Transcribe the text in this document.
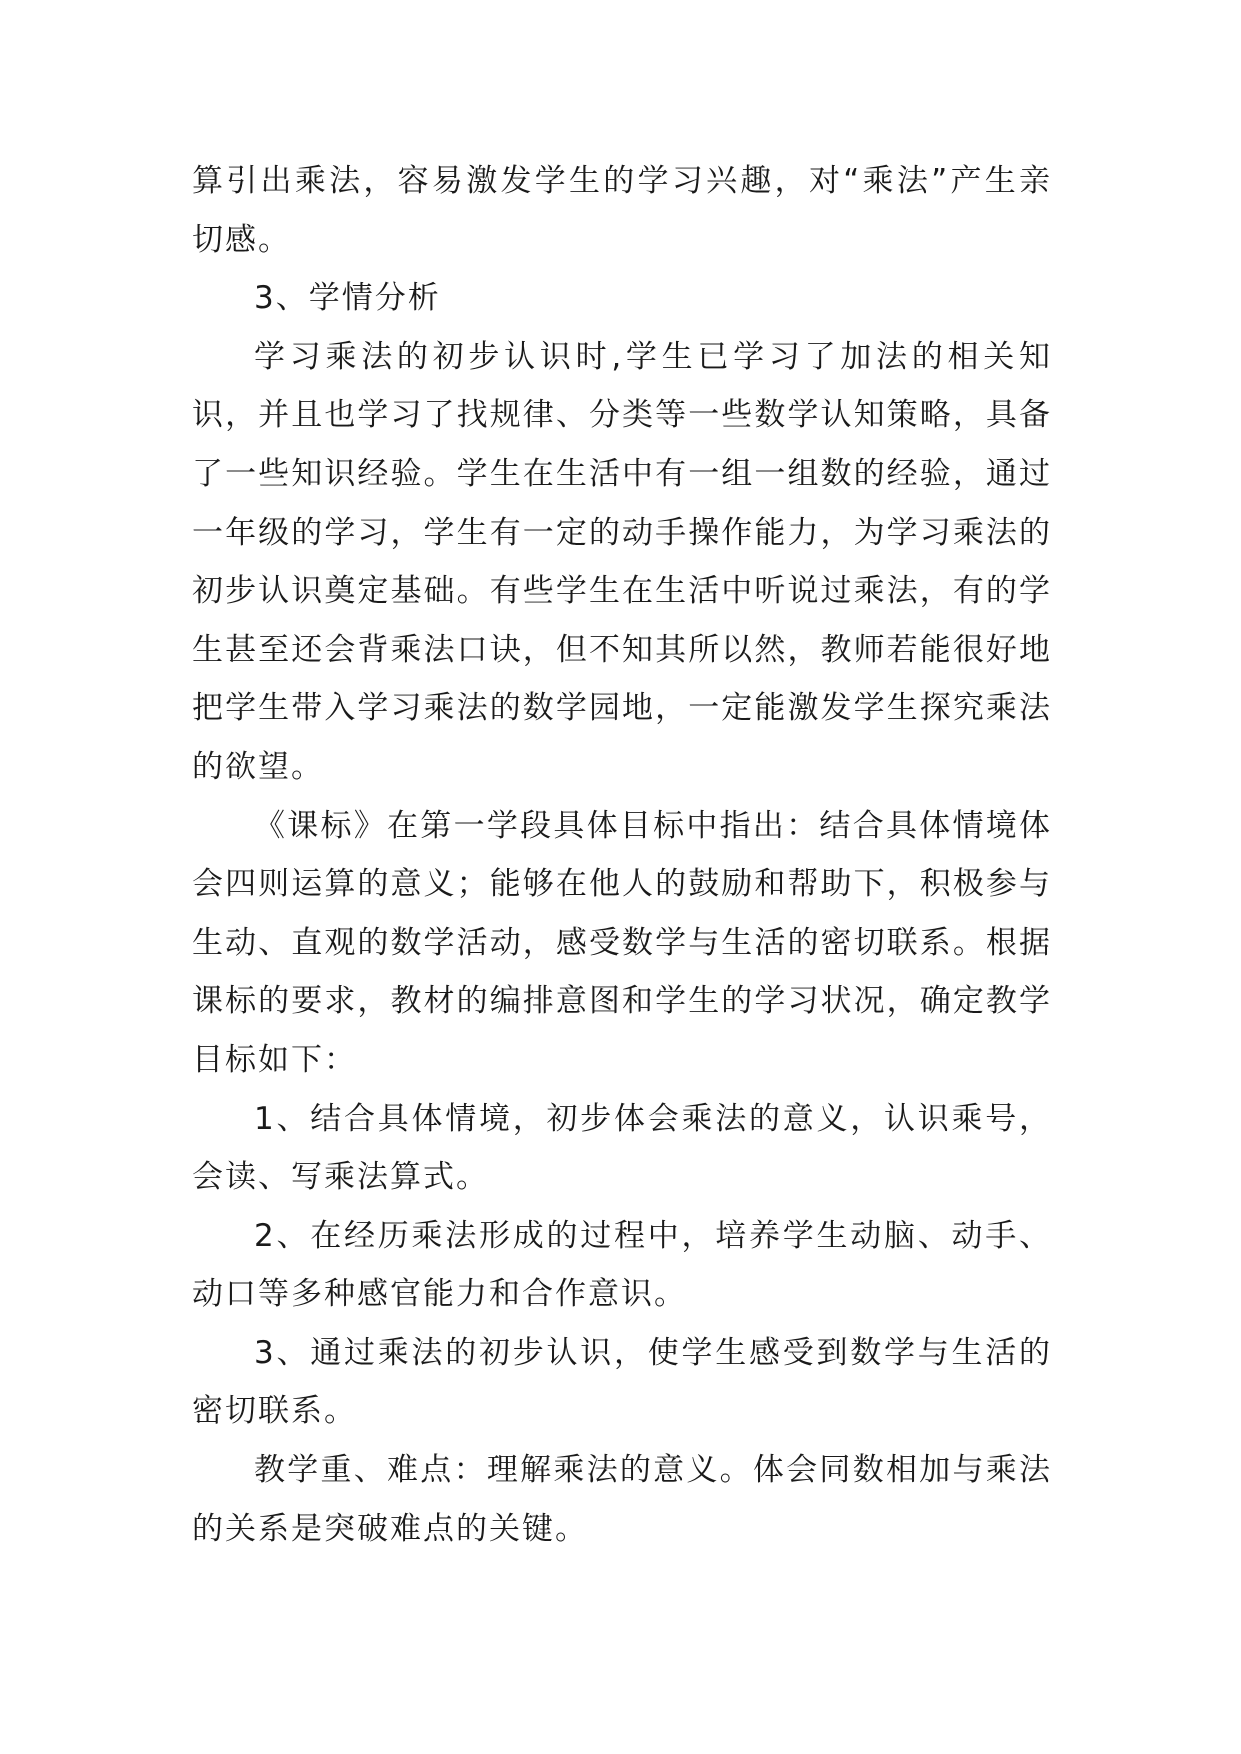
算引出乘法，容易激发学生的学习兴趣，对“乘法”产生亲切感。

3、学情分析

学习乘法的初步认识时,学生已学习了加法的相关知识，并且也学习了找规律、分类等一些数学认知策略，具备了一些知识经验。学生在生活中有一组一组数的经验，通过一年级的学习，学生有一定的动手操作能力，为学习乘法的初步认识奠定基础。有些学生在生活中听说过乘法，有的学生甚至还会背乘法口诀，但不知其所以然，教师若能很好地把学生带入学习乘法的数学园地，一定能激发学生探究乘法的欲望。

《课标》在第一学段具体目标中指出：结合具体情境体会四则运算的意义；能够在他人的鼓励和帮助下，积极参与生动、直观的数学活动，感受数学与生活的密切联系。根据课标的要求，教材的编排意图和学生的学习状况，确定教学目标如下：

1、结合具体情境，初步体会乘法的意义，认识乘号，会读、写乘法算式。

2、在经历乘法形成的过程中，培养学生动脑、动手、动口等多种感官能力和合作意识。

3、通过乘法的初步认识，使学生感受到数学与生活的密切联系。

教学重、难点：理解乘法的意义。体会同数相加与乘法的关系是突破难点的关键。
